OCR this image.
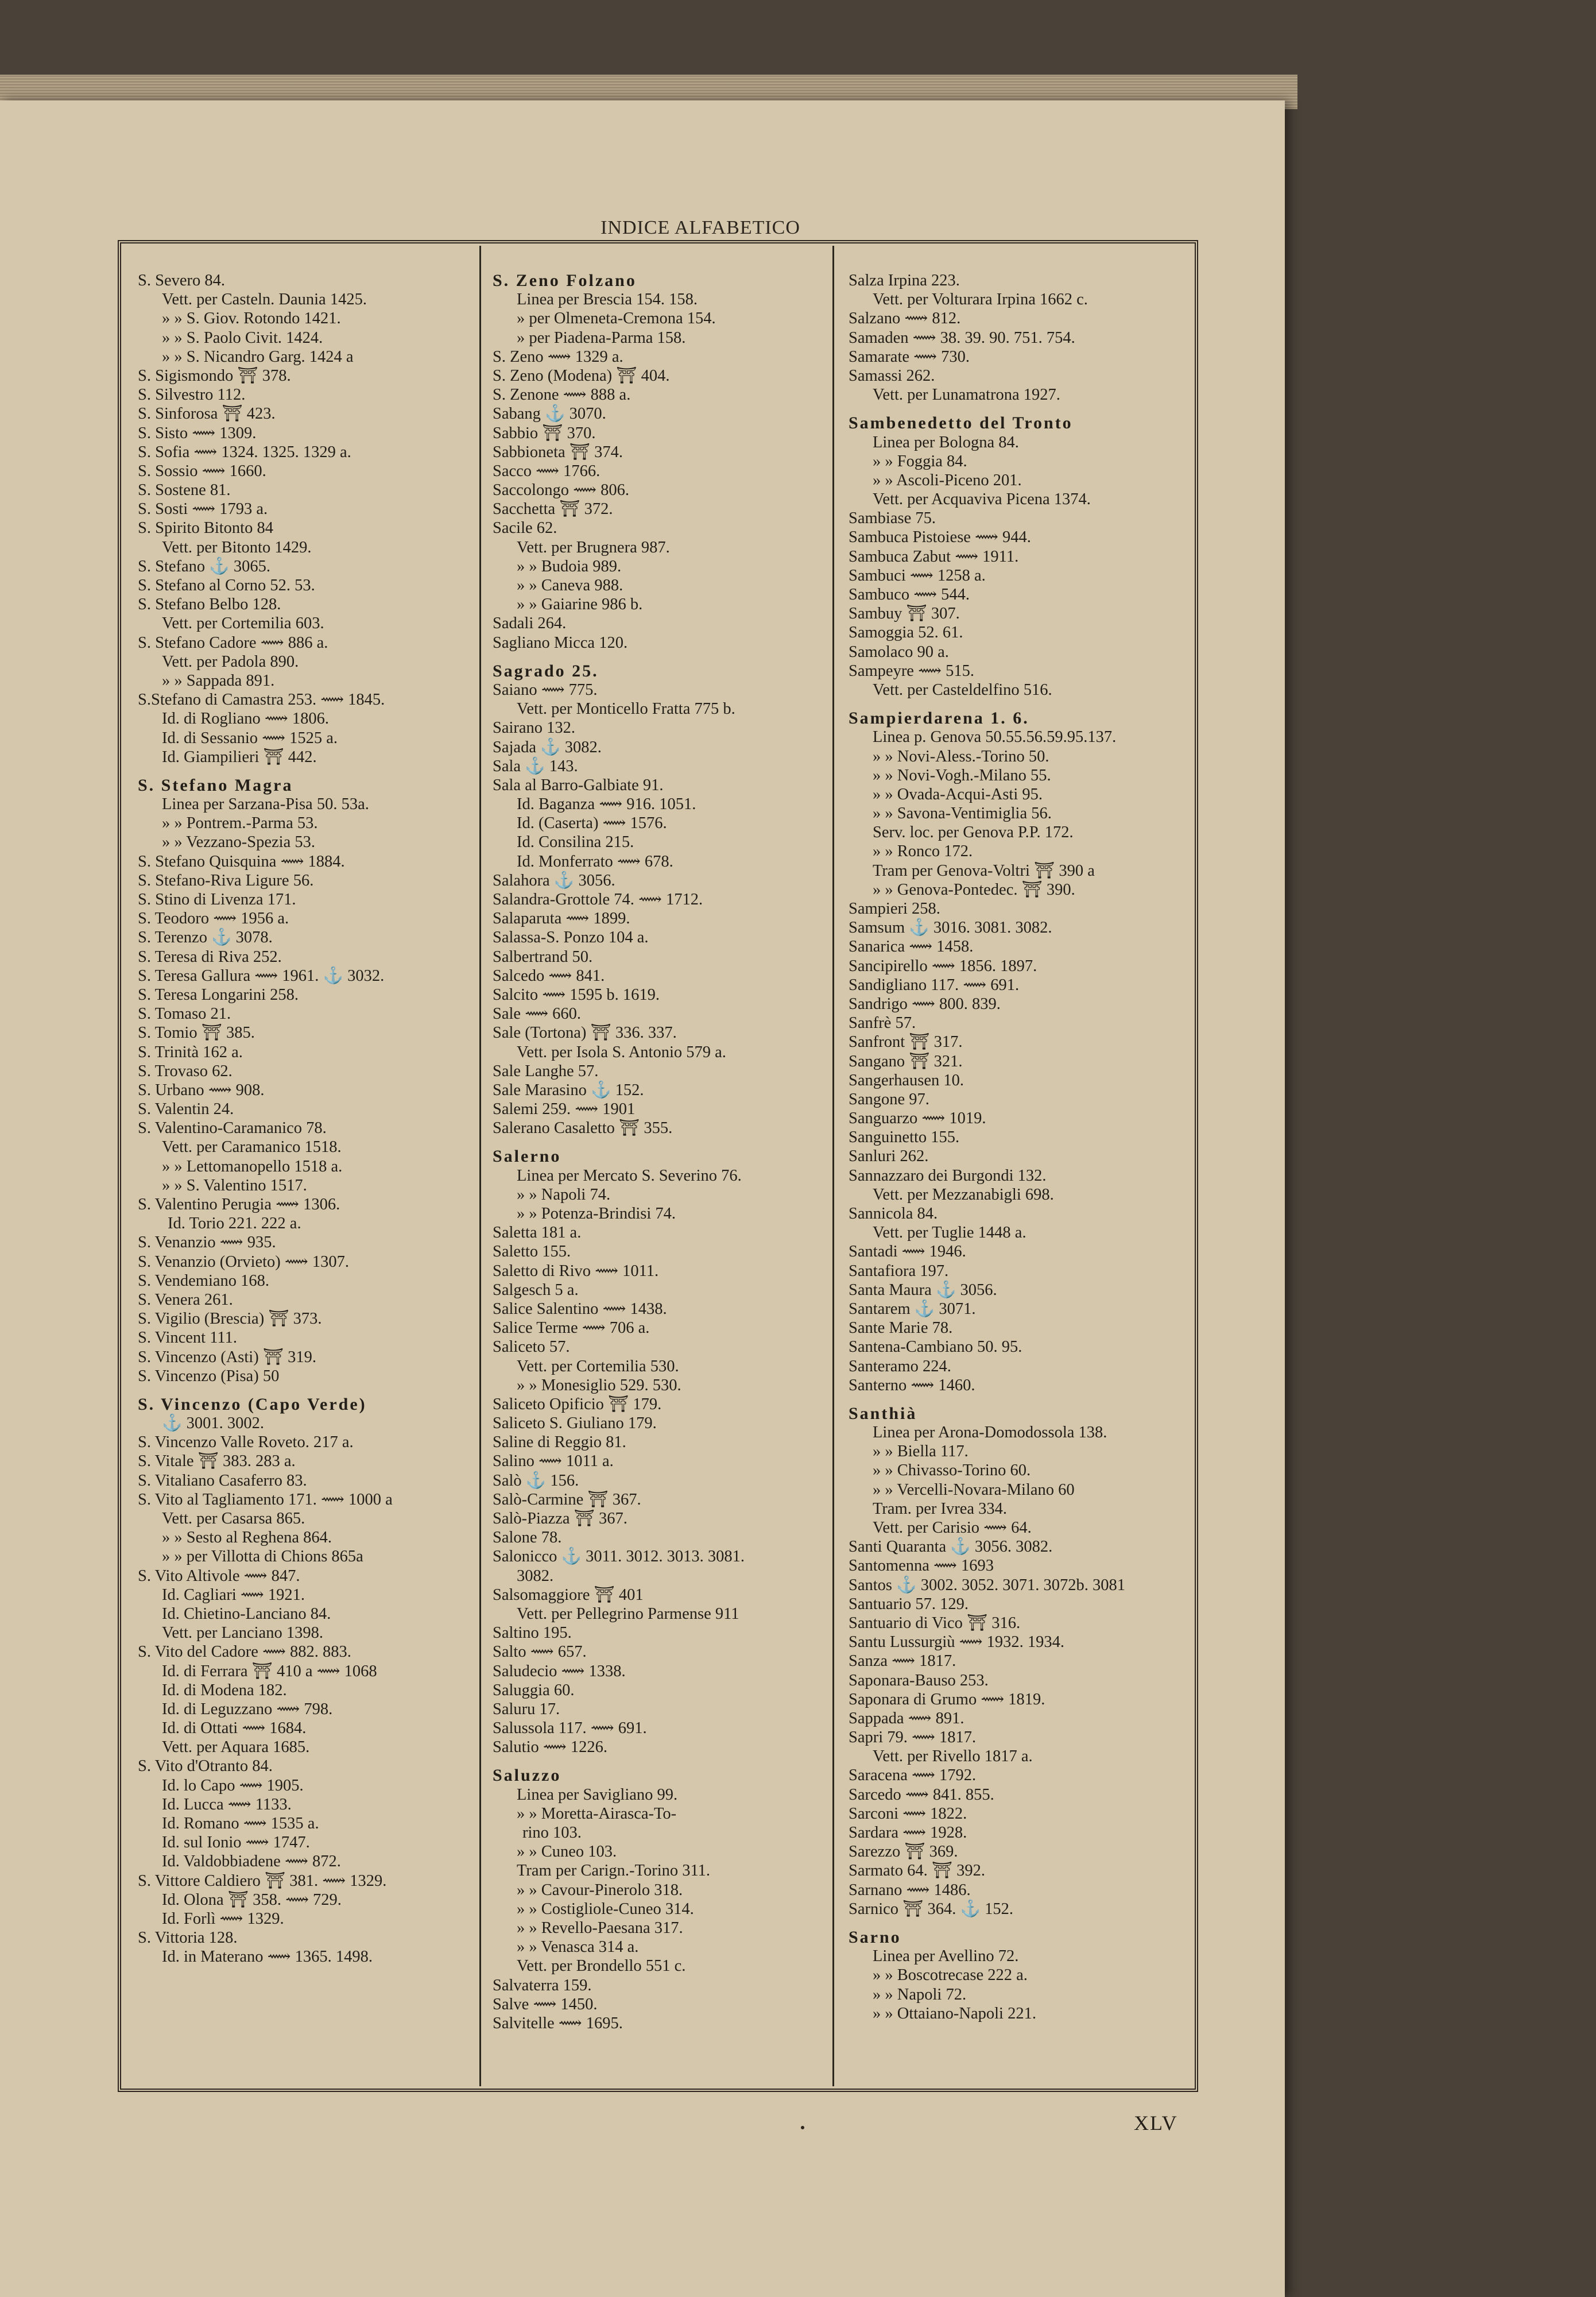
INDICE ALFABETICO
S. Severo 84.
Vett. per Casteln. Daunia 1425.
» » S. Giov. Rotondo 1421.
» » S. Paolo Civit. 1424.
» » S. Nicandro Garg. 1424 a
S. Sigismondo ⛩ 378.
S. Silvestro 112.
S. Sinforosa ⛩ 423.
S. Sisto ⟿ 1309.
S. Sofia ⟿ 1324. 1325. 1329 a.
S. Sossio ⟿ 1660.
S. Sostene 81.
S. Sosti ⟿ 1793 a.
S. Spirito Bitonto 84
Vett. per Bitonto 1429.
S. Stefano ⚓ 3065.
S. Stefano al Corno 52. 53.
S. Stefano Belbo 128.
Vett. per Cortemilia 603.
S. Stefano Cadore ⟿ 886 a.
Vett. per Padola 890.
» » Sappada 891.
S.Stefano di Camastra 253. ⟿ 1845.
Id. di Rogliano ⟿ 1806.
Id. di Sessanio ⟿ 1525 a.
Id. Giampilieri ⛩ 442.
S. Stefano Magra
Linea per Sarzana-Pisa 50. 53a.
» » Pontrem.-Parma 53.
» » Vezzano-Spezia 53.
S. Stefano Quisquina ⟿ 1884.
S. Stefano-Riva Ligure 56.
S. Stino di Livenza 171.
S. Teodoro ⟿ 1956 a.
S. Terenzo ⚓ 3078.
S. Teresa di Riva 252.
S. Teresa Gallura ⟿ 1961. ⚓ 3032.
S. Teresa Longarini 258.
S. Tomaso 21.
S. Tomio ⛩ 385.
S. Trinità 162 a.
S. Trovaso 62.
S. Urbano ⟿ 908.
S. Valentin 24.
S. Valentino-Caramanico 78.
Vett. per Caramanico 1518.
» » Lettomanopello 1518 a.
» » S. Valentino 1517.
S. Valentino Perugia ⟿ 1306.
Id. Torio 221. 222 a.
S. Venanzio ⟿ 935.
S. Venanzio (Orvieto) ⟿ 1307.
S. Vendemiano 168.
S. Venera 261.
S. Vigilio (Brescia) ⛩ 373.
S. Vincent 111.
S. Vincenzo (Asti) ⛩ 319.
S. Vincenzo (Pisa) 50
S. Vincenzo (Capo Verde)
⚓ 3001. 3002.
S. Vincenzo Valle Roveto. 217 a.
S. Vitale ⛩ 383. 283 a.
S. Vitaliano Casaferro 83.
S. Vito al Tagliamento 171. ⟿ 1000 a
Vett. per Casarsa 865.
» » Sesto al Reghena 864.
» » per Villotta di Chions 865a
S. Vito Altivole ⟿ 847.
Id. Cagliari ⟿ 1921.
Id. Chietino-Lanciano 84.
Vett. per Lanciano 1398.
S. Vito del Cadore ⟿ 882. 883.
Id. di Ferrara ⛩ 410 a ⟿ 1068
Id. di Modena 182.
Id. di Leguzzano ⟿ 798.
Id. di Ottati ⟿ 1684.
Vett. per Aquara 1685.
S. Vito d'Otranto 84.
Id. lo Capo ⟿ 1905.
Id. Lucca ⟿ 1133.
Id. Romano ⟿ 1535 a.
Id. sul Ionio ⟿ 1747.
Id. Valdobbiadene ⟿ 872.
S. Vittore Caldiero ⛩ 381. ⟿ 1329.
Id. Olona ⛩ 358. ⟿ 729.
Id. Forlì ⟿ 1329.
S. Vittoria 128.
Id. in Materano ⟿ 1365. 1498.
S. Zeno Folzano
Linea per Brescia 154. 158.
» per Olmeneta-Cremona 154.
» per Piadena-Parma 158.
S. Zeno ⟿ 1329 a.
S. Zeno (Modena) ⛩ 404.
S. Zenone ⟿ 888 a.
Sabang ⚓ 3070.
Sabbio ⛩ 370.
Sabbioneta ⛩ 374.
Sacco ⟿ 1766.
Saccolongo ⟿ 806.
Sacchetta ⛩ 372.
Sacile 62.
Vett. per Brugnera 987.
» » Budoia 989.
» » Caneva 988.
» » Gaiarine 986 b.
Sadali 264.
Sagliano Micca 120.
Sagrado 25.
Saiano ⟿ 775.
Vett. per Monticello Fratta 775 b.
Sairano 132.
Sajada ⚓ 3082.
Sala ⚓ 143.
Sala al Barro-Galbiate 91.
Id. Baganza ⟿ 916. 1051.
Id. (Caserta) ⟿ 1576.
Id. Consilina 215.
Id. Monferrato ⟿ 678.
Salahora ⚓ 3056.
Salandra-Grottole 74. ⟿ 1712.
Salaparuta ⟿ 1899.
Salassa-S. Ponzo 104 a.
Salbertrand 50.
Salcedo ⟿ 841.
Salcito ⟿ 1595 b. 1619.
Sale ⟿ 660.
Sale (Tortona) ⛩ 336. 337.
Vett. per Isola S. Antonio 579 a.
Sale Langhe 57.
Sale Marasino ⚓ 152.
Salemi 259. ⟿ 1901
Salerano Casaletto ⛩ 355.
Salerno
Linea per Mercato S. Severino 76.
» » Napoli 74.
» » Potenza-Brindisi 74.
Saletta 181 a.
Saletto 155.
Saletto di Rivo ⟿ 1011.
Salgesch 5 a.
Salice Salentino ⟿ 1438.
Salice Terme ⟿ 706 a.
Saliceto 57.
Vett. per Cortemilia 530.
» » Monesiglio 529. 530.
Saliceto Opificio ⛩ 179.
Saliceto S. Giuliano 179.
Saline di Reggio 81.
Salino ⟿ 1011 a.
Salò ⚓ 156.
Salò-Carmine ⛩ 367.
Salò-Piazza ⛩ 367.
Salone 78.
Salonicco ⚓ 3011. 3012. 3013. 3081.
3082.
Salsomaggiore ⛩ 401
Vett. per Pellegrino Parmense 911
Saltino 195.
Salto ⟿ 657.
Saludecio ⟿ 1338.
Saluggia 60.
Saluru 17.
Salussola 117. ⟿ 691.
Salutio ⟿ 1226.
Saluzzo
Linea per Savigliano 99.
» » Moretta-Airasca-To-
rino 103.
» » Cuneo 103.
Tram per Carign.-Torino 311.
» » Cavour-Pinerolo 318.
» » Costigliole-Cuneo 314.
» » Revello-Paesana 317.
» » Venasca 314 a.
Vett. per Brondello 551 c.
Salvaterra 159.
Salve ⟿ 1450.
Salvitelle ⟿ 1695.
Salza Irpina 223.
Vett. per Volturara Irpina 1662 c.
Salzano ⟿ 812.
Samaden ⟿ 38. 39. 90. 751. 754.
Samarate ⟿ 730.
Samassi 262.
Vett. per Lunamatrona 1927.
Sambenedetto del Tronto
Linea per Bologna 84.
» » Foggia 84.
» » Ascoli-Piceno 201.
Vett. per Acquaviva Picena 1374.
Sambiase 75.
Sambuca Pistoiese ⟿ 944.
Sambuca Zabut ⟿ 1911.
Sambuci ⟿ 1258 a.
Sambuco ⟿ 544.
Sambuy ⛩ 307.
Samoggia 52. 61.
Samolaco 90 a.
Sampeyre ⟿ 515.
Vett. per Casteldelfino 516.
Sampierdarena 1. 6.
Linea p. Genova 50.55.56.59.95.137.
» » Novi-Aless.-Torino 50.
» » Novi-Vogh.-Milano 55.
» » Ovada-Acqui-Asti 95.
» » Savona-Ventimiglia 56.
Serv. loc. per Genova P.P. 172.
» » Ronco 172.
Tram per Genova-Voltri ⛩ 390 a
» » Genova-Pontedec. ⛩ 390.
Sampieri 258.
Samsum ⚓ 3016. 3081. 3082.
Sanarica ⟿ 1458.
Sancipirello ⟿ 1856. 1897.
Sandigliano 117. ⟿ 691.
Sandrigo ⟿ 800. 839.
Sanfrè 57.
Sanfront ⛩ 317.
Sangano ⛩ 321.
Sangerhausen 10.
Sangone 97.
Sanguarzo ⟿ 1019.
Sanguinetto 155.
Sanluri 262.
Sannazzaro dei Burgondi 132.
Vett. per Mezzanabigli 698.
Sannicola 84.
Vett. per Tuglie 1448 a.
Santadi ⟿ 1946.
Santafiora 197.
Santa Maura ⚓ 3056.
Santarem ⚓ 3071.
Sante Marie 78.
Santena-Cambiano 50. 95.
Santeramo 224.
Santerno ⟿ 1460.
Santhià
Linea per Arona-Domodossola 138.
» » Biella 117.
» » Chivasso-Torino 60.
» » Vercelli-Novara-Milano 60
Tram. per Ivrea 334.
Vett. per Carisio ⟿ 64.
Santi Quaranta ⚓ 3056. 3082.
Santomenna ⟿ 1693
Santos ⚓ 3002. 3052. 3071. 3072b. 3081
Santuario 57. 129.
Santuario di Vico ⛩ 316.
Santu Lussurgiù ⟿ 1932. 1934.
Sanza ⟿ 1817.
Saponara-Bauso 253.
Saponara di Grumo ⟿ 1819.
Sappada ⟿ 891.
Sapri 79. ⟿ 1817.
Vett. per Rivello 1817 a.
Saracena ⟿ 1792.
Sarcedo ⟿ 841. 855.
Sarconi ⟿ 1822.
Sardara ⟿ 1928.
Sarezzo ⛩ 369.
Sarmato 64. ⛩ 392.
Sarnano ⟿ 1486.
Sarnico ⛩ 364. ⚓ 152.
Sarno
Linea per Avellino 72.
» » Boscotrecase 222 a.
» » Napoli 72.
» » Ottaiano-Napoli 221.
XLV
